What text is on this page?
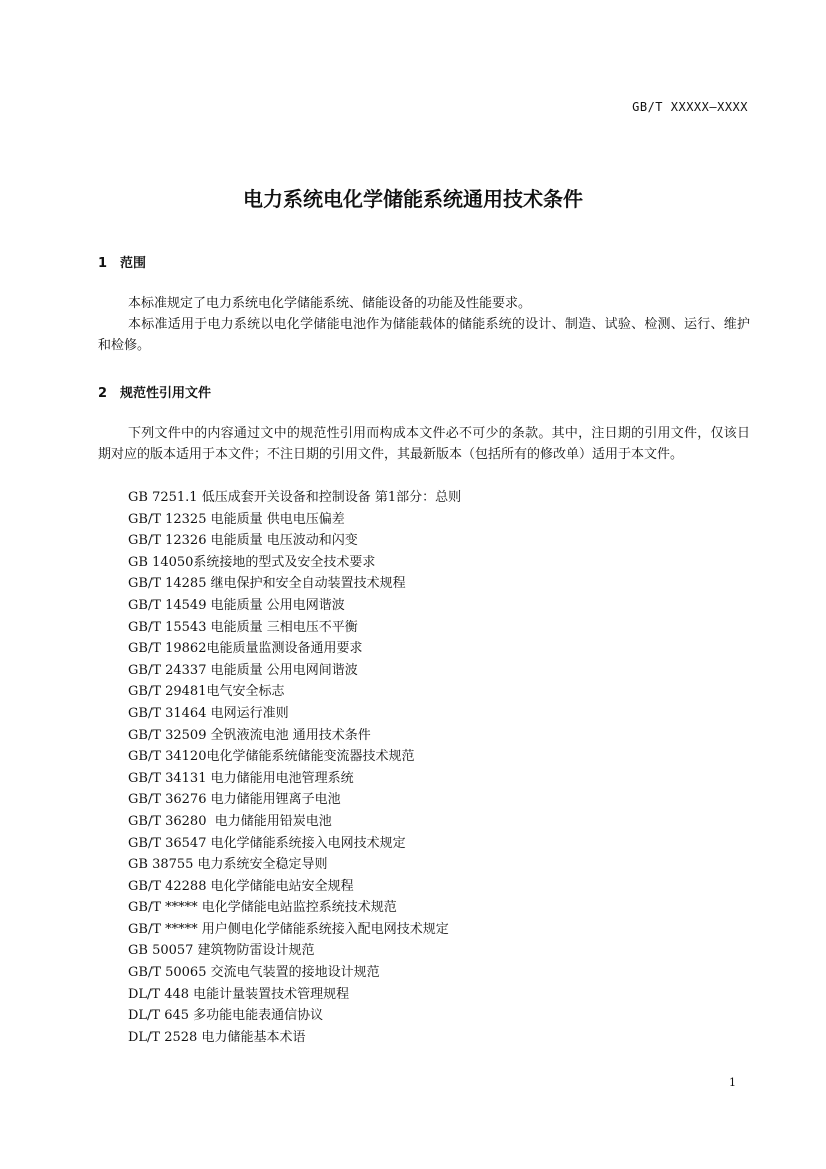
GB/T XXXXX—XXXX
电力系统电化学储能系统通用技术条件
1 范围

本标准规定了电力系统电化学储能系统、储能设备的功能及性能要求。

本标准适用于电力系统以电化学储能电池作为储能载体的储能系统的设计、制造、试验、检测、运行、维护和检修。

2 规范性引用文件

下列文件中的内容通过文中的规范性引用而构成本文件必不可少的条款。其中，注日期的引用文件，仅该日期对应的版本适用于本文件；不注日期的引用文件，其最新版本（包括所有的修改单）适用于本文件。

GB 7251.1 低压成套开关设备和控制设备 第1部分：总则
GB/T 12325 电能质量 供电电压偏差
GB/T 12326 电能质量 电压波动和闪变
GB 14050系统接地的型式及安全技术要求
GB/T 14285 继电保护和安全自动装置技术规程
GB/T 14549 电能质量 公用电网谐波
GB/T 15543 电能质量 三相电压不平衡
GB/T 19862电能质量监测设备通用要求
GB/T 24337 电能质量 公用电网间谐波
GB/T 29481电气安全标志
GB/T 31464 电网运行准则
GB/T 32509 全钒液流电池 通用技术条件
GB/T 34120电化学储能系统储能变流器技术规范
GB/T 34131 电力储能用电池管理系统
GB/T 36276 电力储能用锂离子电池
GB/T 36280  电力储能用铅炭电池
GB/T 36547 电化学储能系统接入电网技术规定
GB 38755 电力系统安全稳定导则
GB/T 42288 电化学储能电站安全规程
GB/T ***** 电化学储能电站监控系统技术规范
GB/T ***** 用户侧电化学储能系统接入配电网技术规定
GB 50057 建筑物防雷设计规范
GB/T 50065 交流电气装置的接地设计规范
DL/T 448 电能计量装置技术管理规程
DL/T 645 多功能电能表通信协议
DL/T 2528 电力储能基本术语
1
